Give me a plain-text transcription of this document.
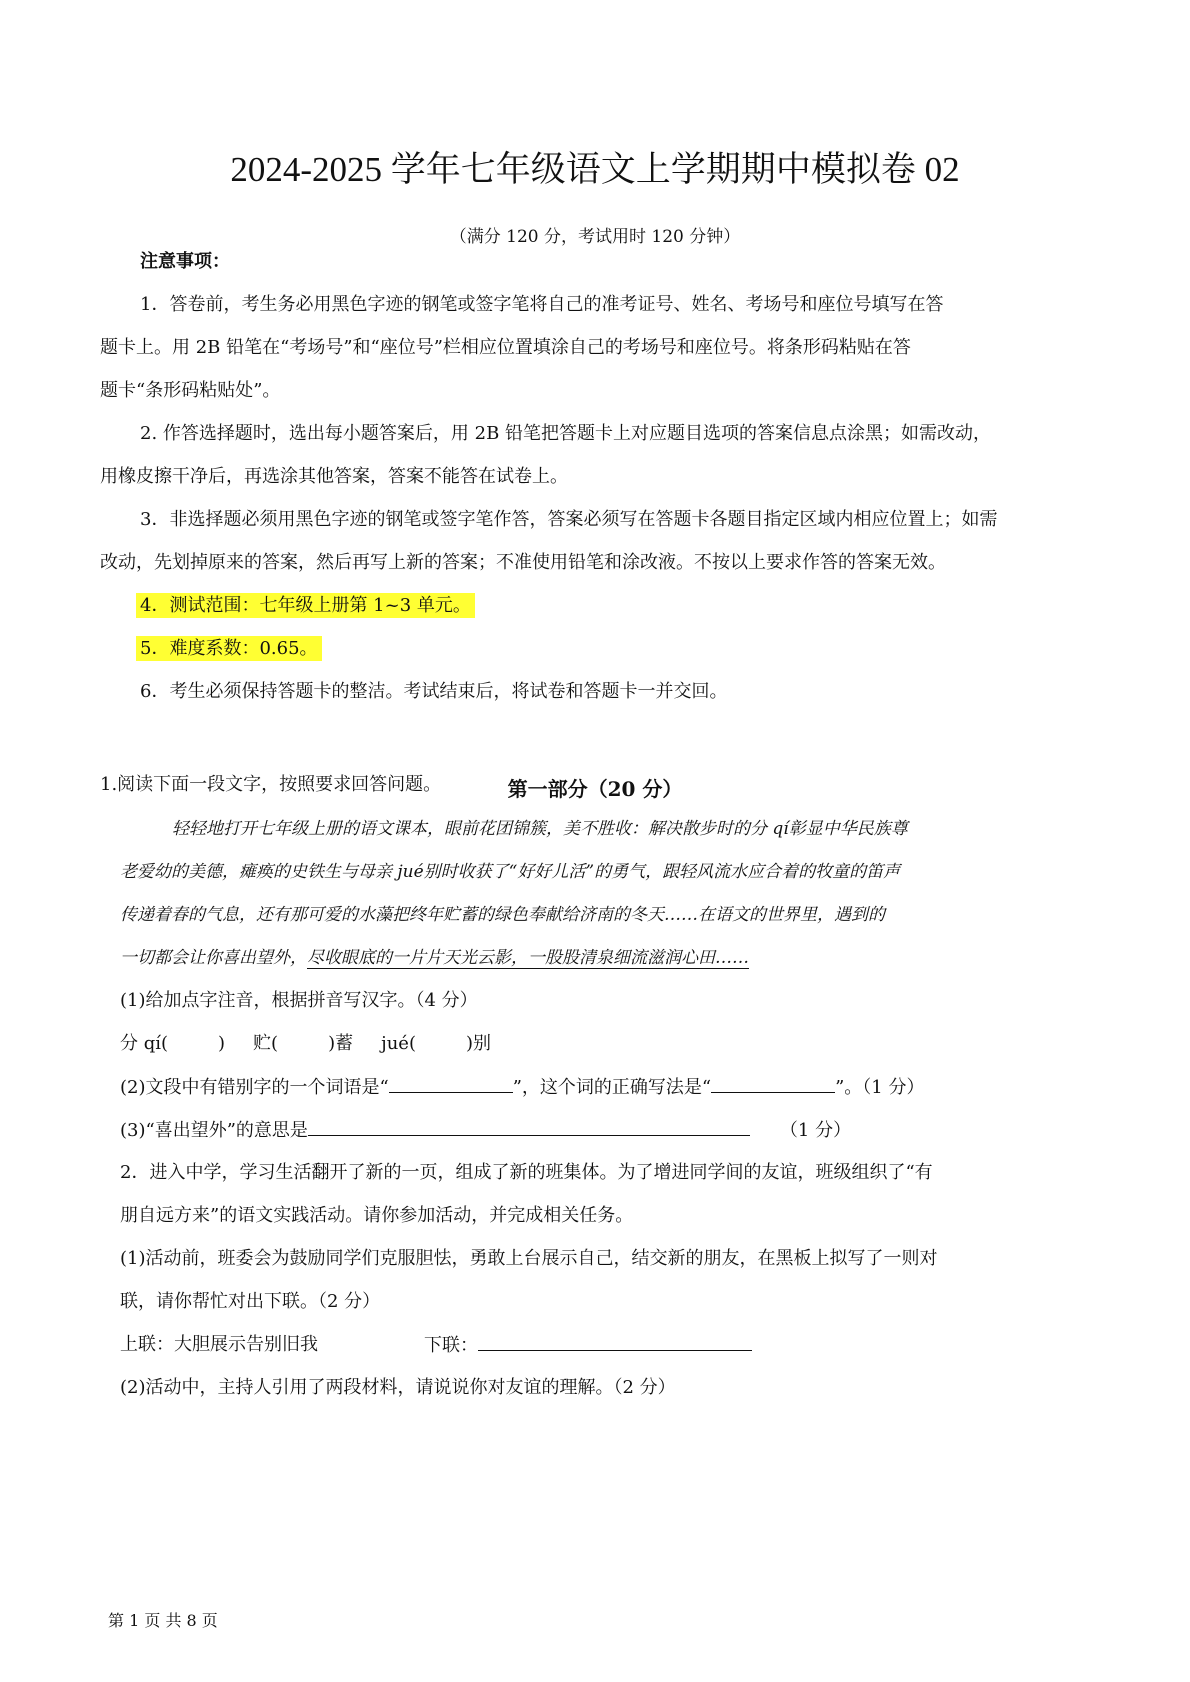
2024-2025 学年七年级语文上学期期中模拟卷 02
（满分 120 分，考试用时 120 分钟）
注意事项：
1．答卷前，考生务必用黑色字迹的钢笔或签字笔将自己的准考证号、姓名、考场号和座位号填写在答
题卡上。用 2B 铅笔在“考场号”和“座位号”栏相应位置填涂自己的考场号和座位号。将条形码粘贴在答
题卡“条形码粘贴处”。
2. 作答选择题时，选出每小题答案后，用 2B 铅笔把答题卡上对应题目选项的答案信息点涂黑；如需改动，
用橡皮擦干净后，再选涂其他答案，答案不能答在试卷上。
3．非选择题必须用黑色字迹的钢笔或签字笔作答，答案必须写在答题卡各题目指定区域内相应位置上；如需
改动，先划掉原来的答案，然后再写上新的答案；不准使用铅笔和涂改液。不按以上要求作答的答案无效。
4．测试范围：七年级上册第 1~3 单元。
5．难度系数：0.65。
6．考生必须保持答题卡的整洁。考试结束后，将试卷和答题卡一并交回。
第一部分（20 分）
1.阅读下面一段文字，按照要求回答问题。
轻轻地打开七年级上册的语文课本，眼前花团锦簇，美不胜收：解决散步时的分 qí彰显中华民族尊
老爱幼的美德，瘫痪的史铁生与母亲 jué别时收获了“好好儿活”的勇气，跟轻风流水应合着的牧童的笛声
传递着春的气息，还有那可爱的水藻把终年贮蓄的绿色奉献给济南的冬天……在语文的世界里，遇到的
一切都会让你喜出望外，尽收眼底的一片片天光云影，一股股清泉细流滋润心田……
(1)给加点字注音，根据拼音写汉字。（4 分）
分 qí(	) 贮(	)蓄 jué(	)别
(2)文段中有错别字的一个词语是“	”，这个词的正确写法是“	”。（1 分）
(3)“喜出望外”的意思是	（1 分）
2．进入中学，学习生活翻开了新的一页，组成了新的班集体。为了增进同学间的友谊，班级组织了“有
朋自远方来”的语文实践活动。请你参加活动，并完成相关任务。
(1)活动前，班委会为鼓励同学们克服胆怯，勇敢上台展示自己，结交新的朋友，在黑板上拟写了一则对
联，请你帮忙对出下联。（2 分）
上联：大胆展示告别旧我	下联：
(2)活动中，主持人引用了两段材料，请说说你对友谊的理解。（2 分）
第 1 页 共 8 页
